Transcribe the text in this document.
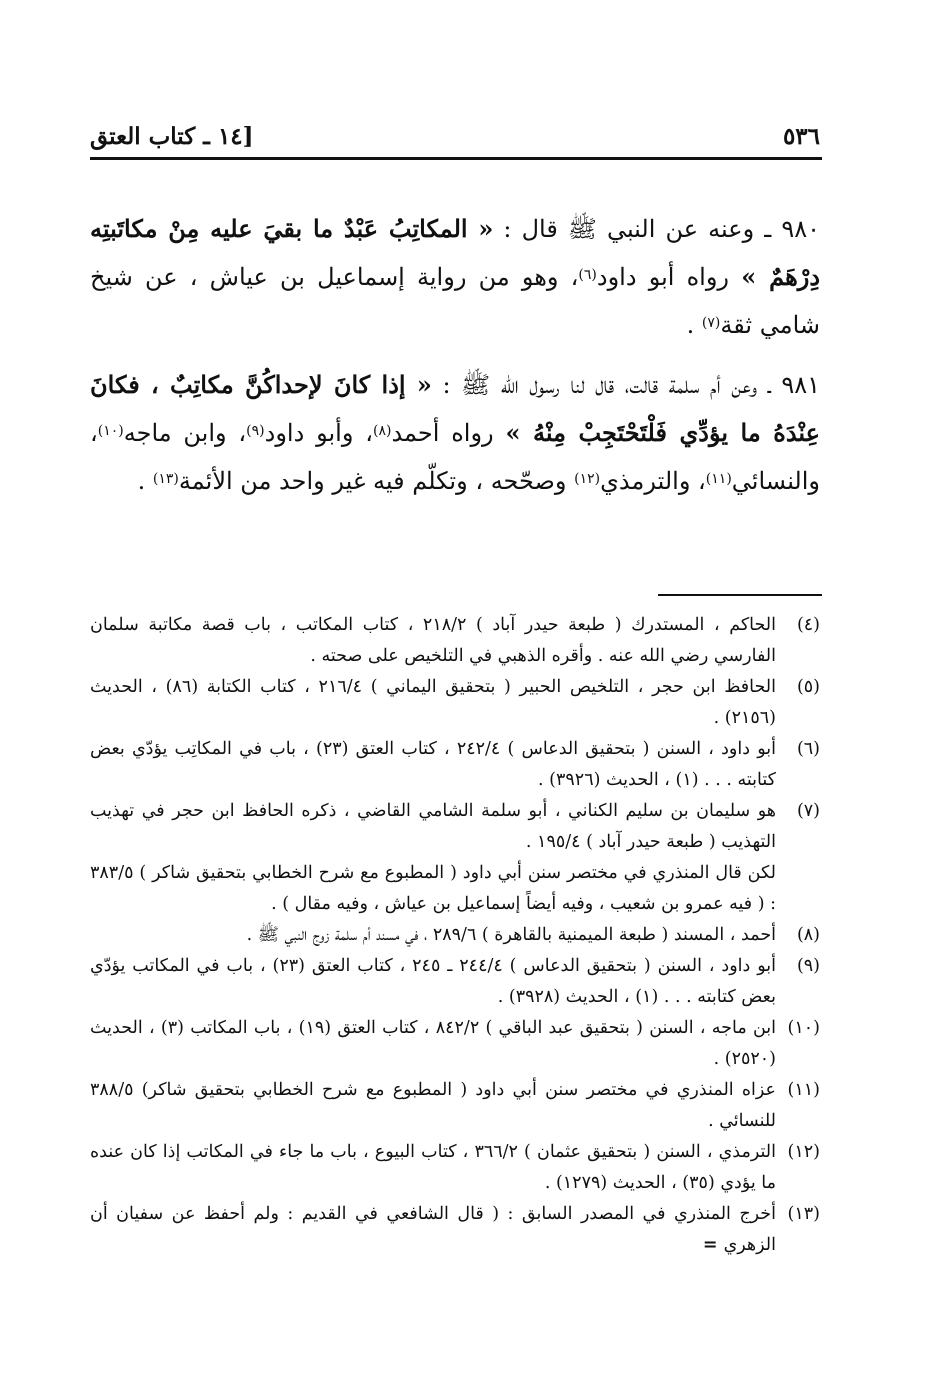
٥٣٦
[١٤ ـ كتاب العتق

٩٨٠ ـ وعنه عن النبي ﷺ قال : « المكاتِبُ عَبْدٌ ما بقيَ عليه مِنْ مكاتَبتِه دِرْهَمٌ » رواه أبو داود$^{(٦)}$، وهو من رواية إسماعيل بن عياش ، عن شيخ شامي ثقة$^{(٧)}$ .

٩٨١ ـ وعن أم سلمة قالت، قال لنا رسول الله ﷺ : « إذا كانَ لإحداكُنَّ مكاتِبٌ ، فكانَ عِنْدَهُ ما يؤدِّي فَلْتَحْتَجِبْ مِنْهُ » رواه أحمد$^{(٨)}$، وأبو داود$^{(٩)}$، وابن ماجه$^{(١٠)}$، والنسائي$^{(١١)}$، والترمذي$^{(١٢)}$ وصحّحه ، وتكلّم فيه غير واحد من الأئمة$^{(١٣)}$ .

(٤)
الحاكم ، المستدرك ( طبعة حيدر آباد ) ٢١٨/٢ ، كتاب المكاتب ، باب قصة مكاتبة سلمان الفارسي رضي الله عنه . وأقره الذهبي في التلخيص على صحته .
(٥)
الحافظ ابن حجر ، التلخيص الحبير ( بتحقيق اليماني ) ٢١٦/٤ ، كتاب الكتابة (٨٦) ، الحديث (٢١٥٦) .
(٦)
أبو داود ، السنن ( بتحقيق الدعاس ) ٢٤٢/٤ ، كتاب العتق (٢٣) ، باب في المكاتِب يؤدّي بعض كتابته . . . (١) ، الحديث (٣٩٢٦) .
(٧)
هو سليمان بن سليم الكناني ، أبو سلمة الشامي القاضي ، ذكره الحافظ ابن حجر في تهذيب التهذيب ( طبعة حيدر آباد ) ١٩٥/٤ .
لكن قال المنذري في مختصر سنن أبي داود ( المطبوع مع شرح الخطابي بتحقيق شاكر ) ٣٨٣/٥ : ( فيه عمرو بن شعيب ، وفيه أيضاً إسماعيل بن عياش ، وفيه مقال ) .
(٨)
أحمد ، المسند ( طبعة الميمنية بالقاهرة ) ٢٨٩/٦ ، في مسند أم سلمة زوج النبي ﷺ .
(٩)
أبو داود ، السنن ( بتحقيق الدعاس ) ٢٤٤/٤ ـ ٢٤٥ ، كتاب العتق (٢٣) ، باب في المكاتب يؤدّي بعض كتابته . . . (١) ، الحديث (٣٩٢٨) .
(١٠)
ابن ماجه ، السنن ( بتحقيق عبد الباقي ) ٨٤٢/٢ ، كتاب العتق (١٩) ، باب المكاتب (٣) ، الحديث (٢٥٢٠) .
(١١)
عزاه المنذري في مختصر سنن أبي داود ( المطبوع مع شرح الخطابي بتحقيق شاكر) ٣٨٨/٥ للنسائي .
(١٢)
الترمذي ، السنن ( بتحقيق عثمان ) ٣٦٦/٢ ، كتاب البيوع ، باب ما جاء في المكاتب إذا كان عنده ما يؤدي (٣٥) ، الحديث (١٢٧٩) .
(١٣)
أخرج المنذري في المصدر السابق : ( قال الشافعي في القديم : ولم أحفظ عن سفيان أن الزهري=
